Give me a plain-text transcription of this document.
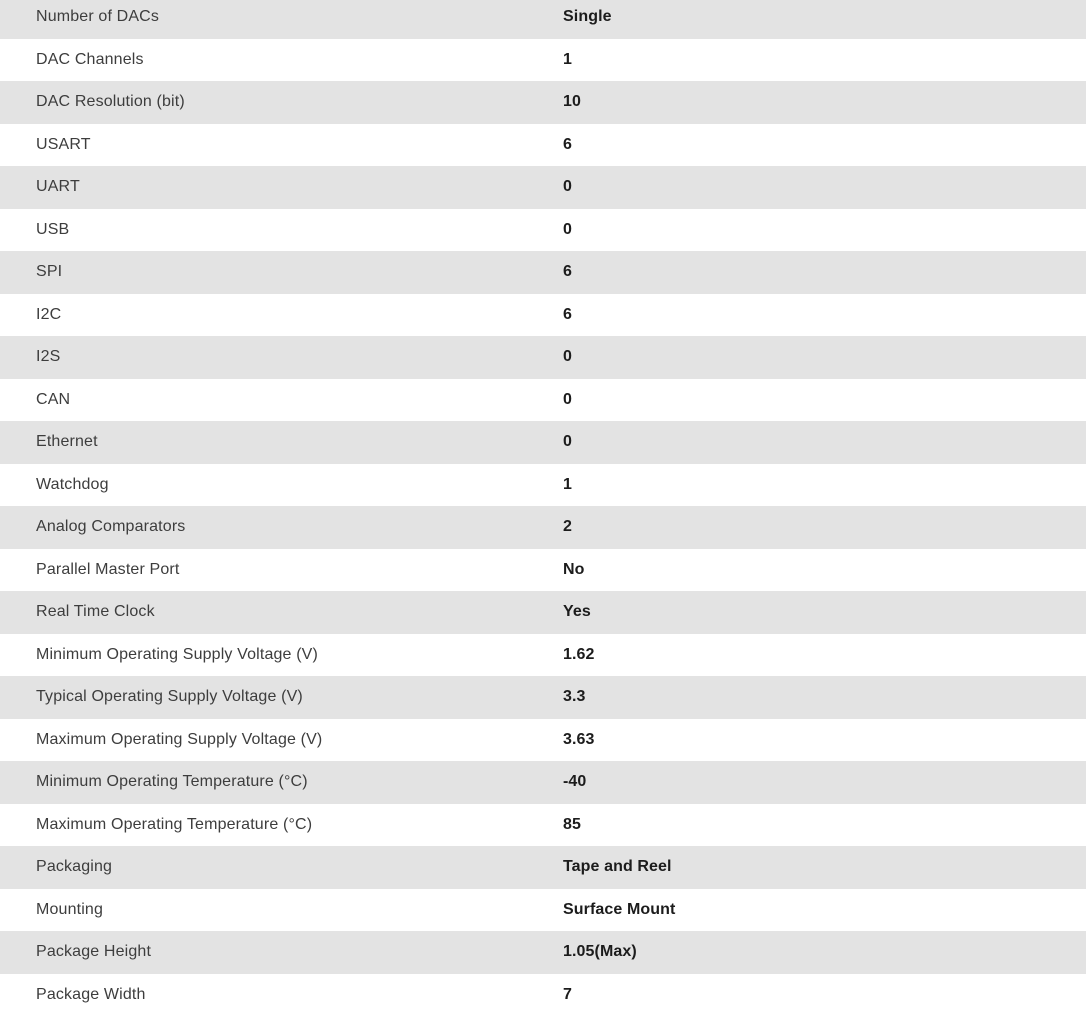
Number of DACs	Single
DAC Channels	1
DAC Resolution (bit)	10
USART	6
UART	0
USB	0
SPI	6
I2C	6
I2S	0
CAN	0
Ethernet	0
Watchdog	1
Analog Comparators	2
Parallel Master Port	No
Real Time Clock	Yes
Minimum Operating Supply Voltage (V)	1.62
Typical Operating Supply Voltage (V)	3.3
Maximum Operating Supply Voltage (V)	3.63
Minimum Operating Temperature (°C)	-40
Maximum Operating Temperature (°C)	85
Packaging	Tape and Reel
Mounting	Surface Mount
Package Height	1.05(Max)
Package Width	7
